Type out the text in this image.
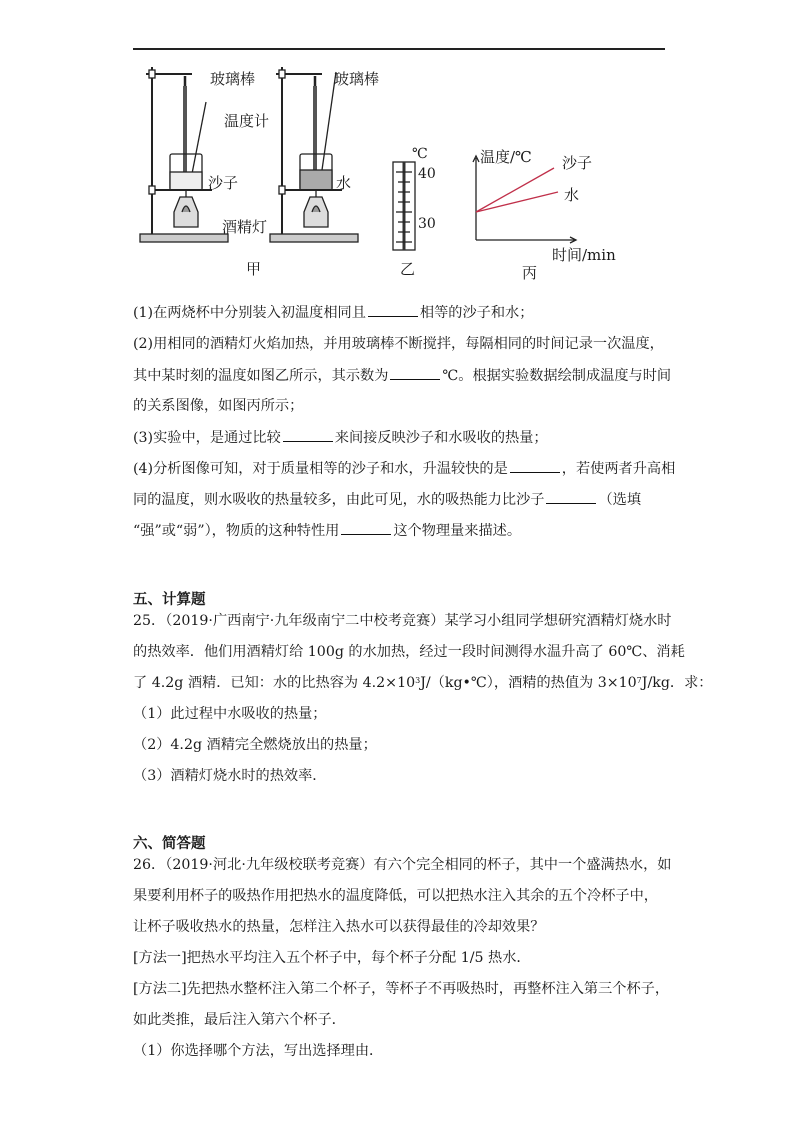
玻璃棒
温度计
沙子
酒精灯
甲
玻璃棒
水
℃
40
30
乙
温度/℃ 沙子
水
时间/min
丙
(1)在两烧杯中分别装入初温度相同且	相等的沙子和水；
(2)用相同的酒精灯火焰加热，并用玻璃棒不断搅拌，每隔相同的时间记录一次温度，
其中某时刻的温度如图乙所示，其示数为	℃。根据实验数据绘制成温度与时间
的关系图像，如图丙所示；
(3)实验中，是通过比较	来间接反映沙子和水吸收的热量；
(4)分析图像可知，对于质量相等的沙子和水，升温较快的是	，若使两者升高相
同的温度，则水吸收的热量较多，由此可见，水的吸热能力比沙子	（选填
“强”或“弱”），物质的这种特性用	这个物理量来描述。
五、计算题
25．（2019·广西南宁·九年级南宁二中校考竞赛）某学习小组同学想研究酒精灯烧水时
的热效率．他们用酒精灯给 100g 的水加热，经过一段时间测得水温升高了 60℃、消耗
了 4.2g 酒精．已知：水的比热容为 $4.2\times 10^3J/(kg•℃)$，酒精的热值为 $3\times 10^7J/kg$．求：
（1）此过程中水吸收的热量；
（2）4.2g 酒精完全燃烧放出的热量；
（3）酒精灯烧水时的热效率．
六、简答题
26．（2019·河北·九年级校联考竞赛）有六个完全相同的杯子，其中一个盛满热水，如
果要利用杯子的吸热作用把热水的温度降低，可以把热水注入其余的五个冷杯子中，
让杯子吸收热水的热量，怎样注入热水可以获得最佳的冷却效果？
[方法一]把热水平均注入五个杯子中，每个杯子分配 1/5 热水．
[方法二]先把热水整杯注入第二个杯子，等杯子不再吸热时，再整杯注入第三个杯子，
如此类推，最后注入第六个杯子．
（1）你选择哪个方法，写出选择理由．
